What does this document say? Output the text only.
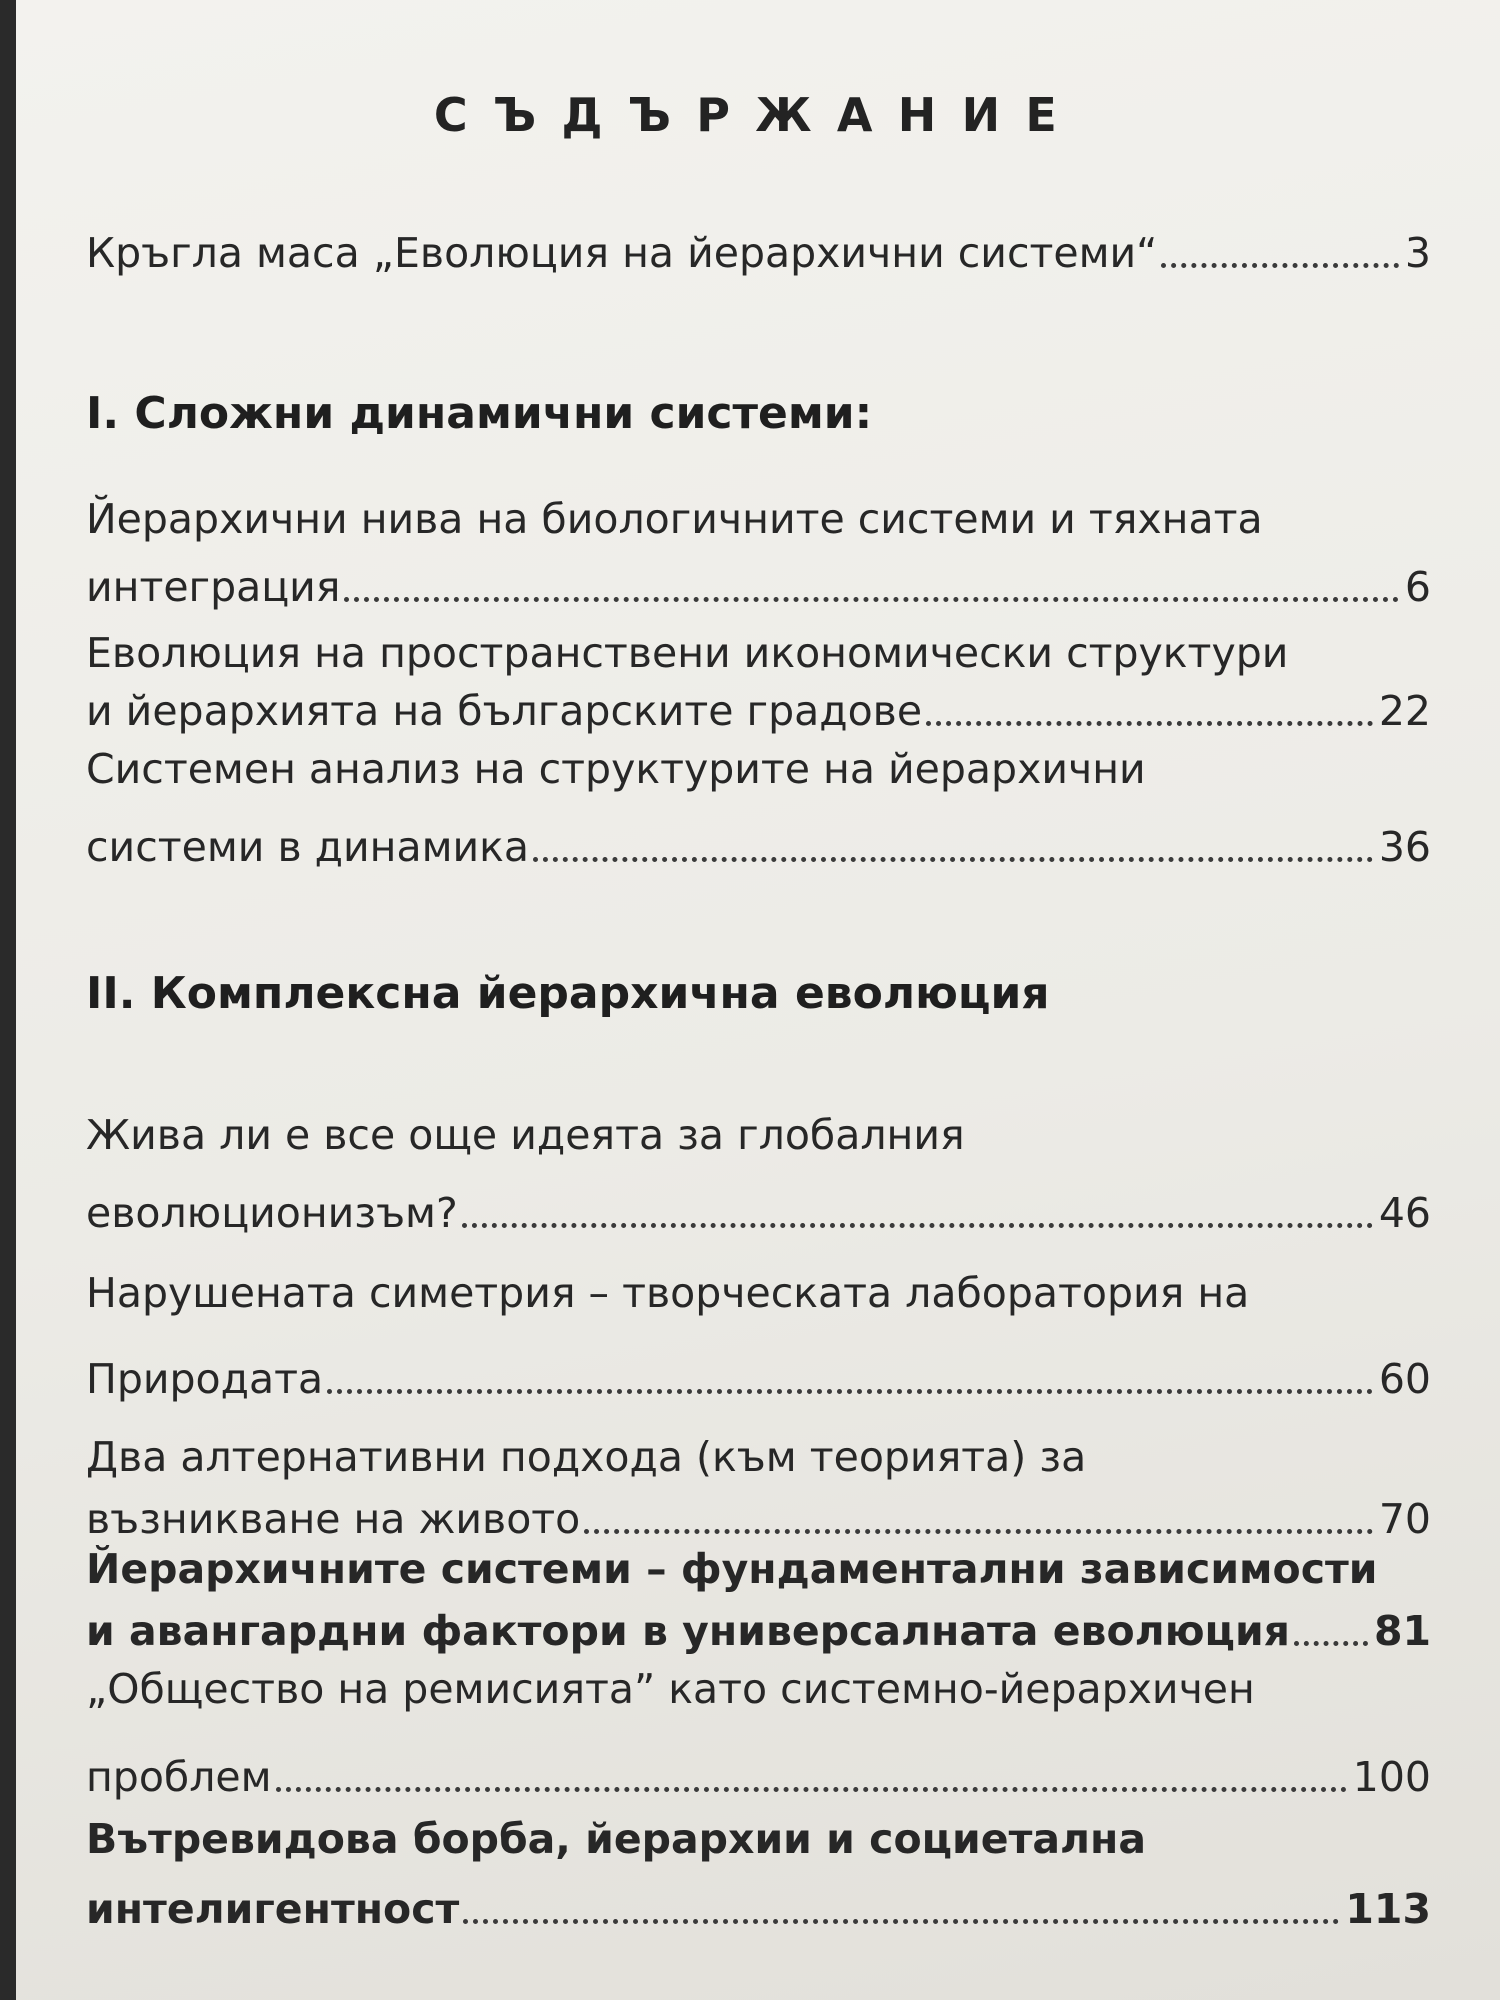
СЪДЪРЖАНИЕ
Кръгла маса „Еволюция на йерархични системи“	3
I. Сложни динамични системи:
Йерархични нива на биологичните системи и тяхната
интеграция	6
Еволюция на пространствени икономически структури
и йерархията на българските градове	22
Системен анализ на структурите на йерархични
системи в динамика	36
II. Комплексна йерархична еволюция
Жива ли е все още идеята за глобалния
еволюционизъм?	46
Нарушената симетрия – творческата лаборатория на
Природата	60
Два алтернативни подхода (към теорията) за
възникване на живото	70
Йерархичните системи – фундаментални зависимости
и авангардни фактори в универсалната еволюция 81
„Общество на ремисията” като системно-йерархичен
проблем	100
Вътревидова борба, йерархии и социетална
интелигентност	113
